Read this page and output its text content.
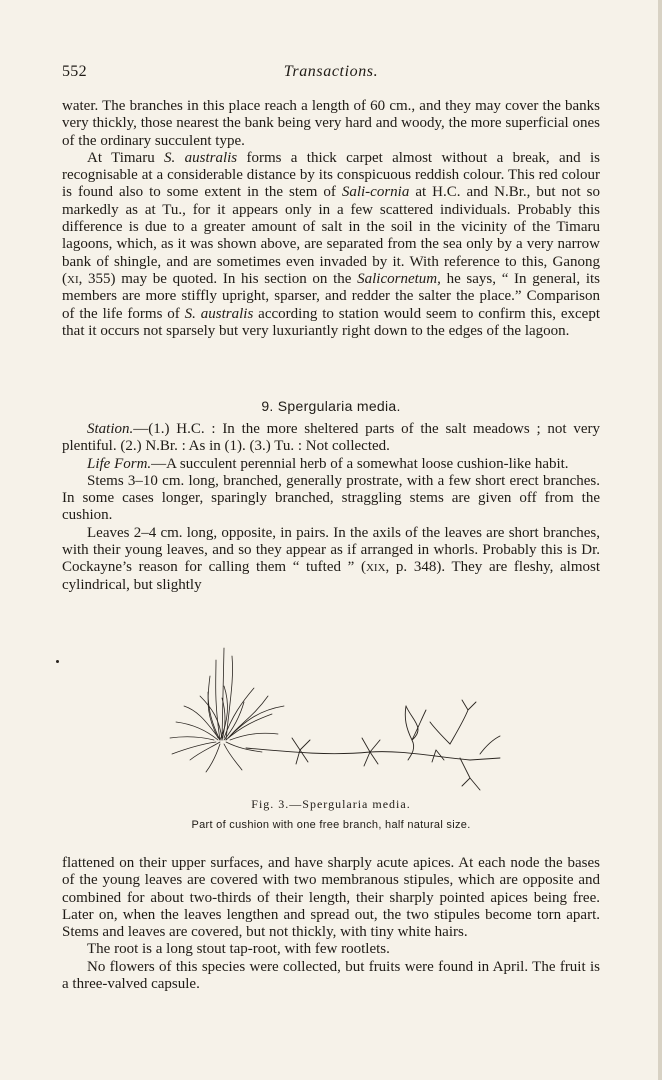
552	Transactions.

water. The branches in this place reach a length of 60 cm., and they may cover the banks very thickly, those nearest the bank being very hard and woody, the more superficial ones of the ordinary succulent type.

At Timaru S. australis forms a thick carpet almost without a break, and is recognisable at a considerable distance by its conspicuous reddish colour. This red colour is found also to some extent in the stem of Sali-cornia at H.C. and N.Br., but not so markedly as at Tu., for it appears only in a few scattered individuals. Probably this difference is due to a greater amount of salt in the soil in the vicinity of the Timaru lagoons, which, as it was shown above, are separated from the sea only by a very narrow bank of shingle, and are sometimes even invaded by it. With reference to this, Ganong (xi, 355) may be quoted. In his section on the Salicornetum, he says, “ In general, its members are more stiffly upright, sparser, and redder the salter the place.” Comparison of the life forms of S. australis according to station would seem to confirm this, except that it occurs not sparsely but very luxuriantly right down to the edges of the lagoon.

9. Spergularia media.

Station.—(1.) H.C. : In the more sheltered parts of the salt meadows ; not very plentiful. (2.) N.Br. : As in (1). (3.) Tu. : Not collected.

Life Form.—A succulent perennial herb of a somewhat loose cushion-like habit.

Stems 3–10 cm. long, branched, generally prostrate, with a few short erect branches. In some cases longer, sparingly branched, straggling stems are given off from the cushion.

Leaves 2–4 cm. long, opposite, in pairs. In the axils of the leaves are short branches, with their young leaves, and so they appear as if arranged in whorls. Probably this is Dr. Cockayne’s reason for calling them “ tufted ” (xix, p. 348). They are fleshy, almost cylindrical, but slightly

Fig. 3.—Spergularia media.
Part of cushion with one free branch, half natural size.

flattened on their upper surfaces, and have sharply acute apices. At each node the bases of the young leaves are covered with two membranous stipules, which are opposite and combined for about two-thirds of their length, their sharply pointed apices being free. Later on, when the leaves lengthen and spread out, the two stipules become torn apart. Stems and leaves are covered, but not thickly, with tiny white hairs.

The root is a long stout tap-root, with few rootlets.

No flowers of this species were collected, but fruits were found in April. The fruit is a three-valved capsule.
